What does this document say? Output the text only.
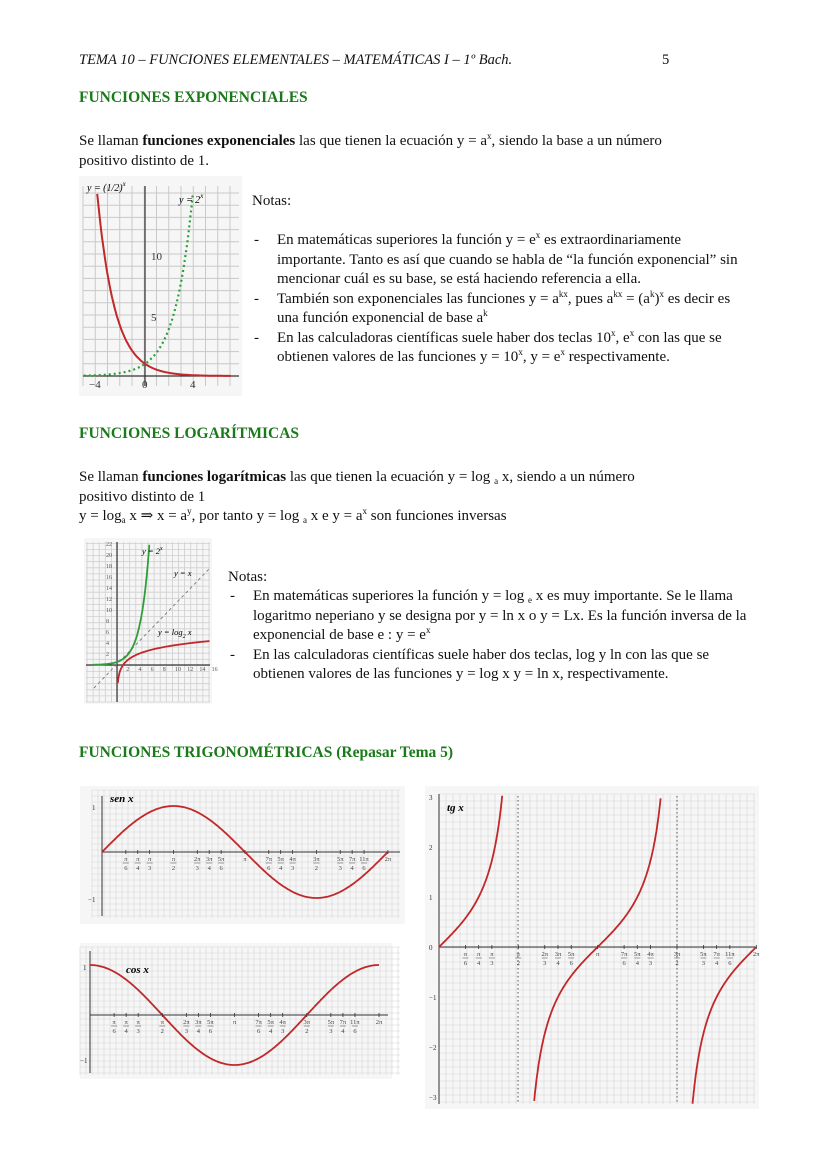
TEMA 10 – FUNCIONES ELEMENTALES – MATEMÁTICAS I – 1º Bach.	5
FUNCIONES EXPONENCIALES
Se llaman funciones exponenciales las que tienen la ecuación $y = a^x$, siendo la base a un número
positivo distinto de 1.
$y = (1/2)^x$
$y = 2^x$
10
5
−4	0	4
Notas:
- En matemáticas superiores la función $y = e^x$ es extraordinariamente importante. Tanto es así que cuando se habla de “la función exponencial” sin mencionar cuál es su base, se está haciendo referencia a ella.
- También son exponenciales las funciones $y = a^{kx}$, pues $a^{kx} = (a^k)^x$ es decir es una función exponencial de base $a^k$
- En las calculadoras científicas suele haber dos teclas 10$^x$, $e^x$ con las que se obtienen valores de las funciones $y = 10^x$, $y = e^x$ respectivamente.
FUNCIONES LOGARÍTMICAS
Se llaman funciones logarítmicas las que tienen la ecuación y = log $_a$ x, siendo a un número
positivo distinto de 1
$y = \log_a x$ ⇒ $x = a^y$, por tanto y = log $_a$ x e $y = a^x$ son funciones inversas
22
20
18
16
14
12
10
8
6
4
2
2 4 6 8 10 12 14 16
$y = 2^x$
y = x
$y = \log_2 x$
Notas:
- En matemáticas superiores la función y = log $_e$ x es muy importante. Se le llama logaritmo neperiano y se designa por y = ln x o y = Lx. Es la función inversa de la exponencial de base e : $y = e^x$
- En las calculadoras científicas suele haber dos teclas, log y ln con las que se obtienen valores de las funciones y = log x y = ln x, respectivamente.
FUNCIONES TRIGONOMÉTRICAS (Repasar Tema 5)
π
6
π
4
π
3
π
2
2π
3
3π
4
5π
6
π	7π
6
5π
4
4π
3
3π
2
5π
3
7π
4
11π
6
2π
sen x
1
−1
π
6
π
4
π
3
π
2
2π
3
3π
4
5π
6
π	7π
6
5π
4
4π
3
3π
2
5π
3
7π
4
11π
6
2π
cos x
1
−1
π
6
π
4
π
3
π
2
2π
3
3π
4
5π
6
π	7π
6
5π
4
4π
3
3π
2
5π
3
7π
4
11π
6
2π
3
2
1
0
−1
−2
−3
tg x
